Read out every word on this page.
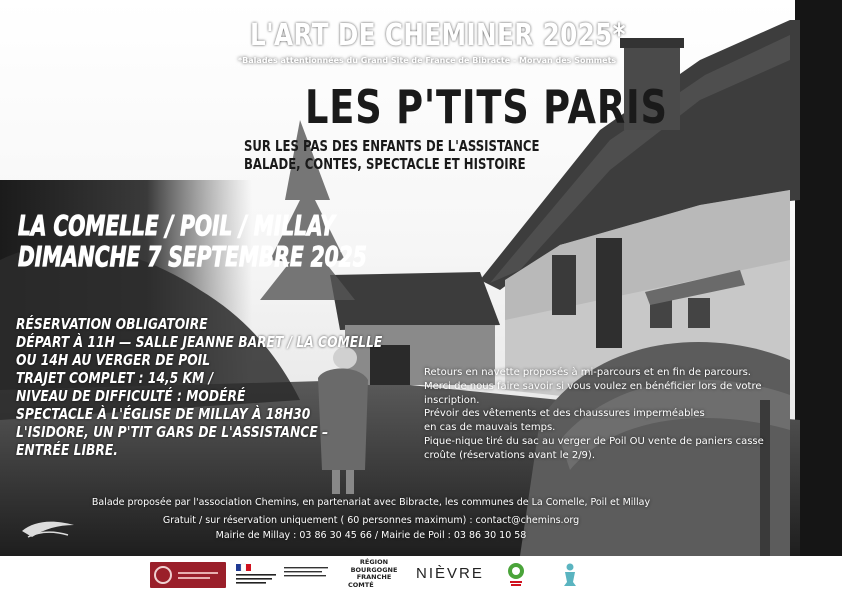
L'ART DE CHEMINER 2025*
*Balades attentionnées du Grand Site de France de Bibracte - Morvan des Sommets
LES P'TITS PARIS
SUR LES PAS DES ENFANTS DE L'ASSISTANCE
BALADE, CONTES, SPECTACLE ET HISTOIRE
LA COMELLE / POIL / MILLAY
DIMANCHE 7 SEPTEMBRE 2025
RÉSERVATION OBLIGATOIRE
DÉPART À 11H — SALLE JEANNE BARET / LA COMELLE
OU 14H AU VERGER DE POIL
TRAJET COMPLET : 14,5 KM /
NIVEAU DE DIFFICULTÉ : MODÉRÉ
SPECTACLE À L'ÉGLISE DE MILLAY À 18H30
L'ISIDORE, UN P'TIT GARS DE L'ASSISTANCE –
ENTRÉE LIBRE.
Retours en navette proposés à mi-parcours et en fin de parcours.
Merci de nous faire savoir si vous voulez en bénéficier lors de votre
inscription.
Prévoir des vêtements et des chaussures imperméables
en cas de mauvais temps.
Pique-nique tiré du sac au verger de Poil OU vente de paniers casse
croûte (réservations avant le 2/9).
Balade proposée par l'association Chemins, en partenariat avec Bibracte, les communes de La Comelle, Poil et Millay
Gratuit / sur réservation uniquement ( 60 personnes maximum) : contact@chemins.org
Mairie de Millay : 03 86 30 45 66 / Mairie de Poil : 03 86 30 10 58
RÉGION
BOURGOGNE
FRANCHE
COMTÉ
NIÈVRE
